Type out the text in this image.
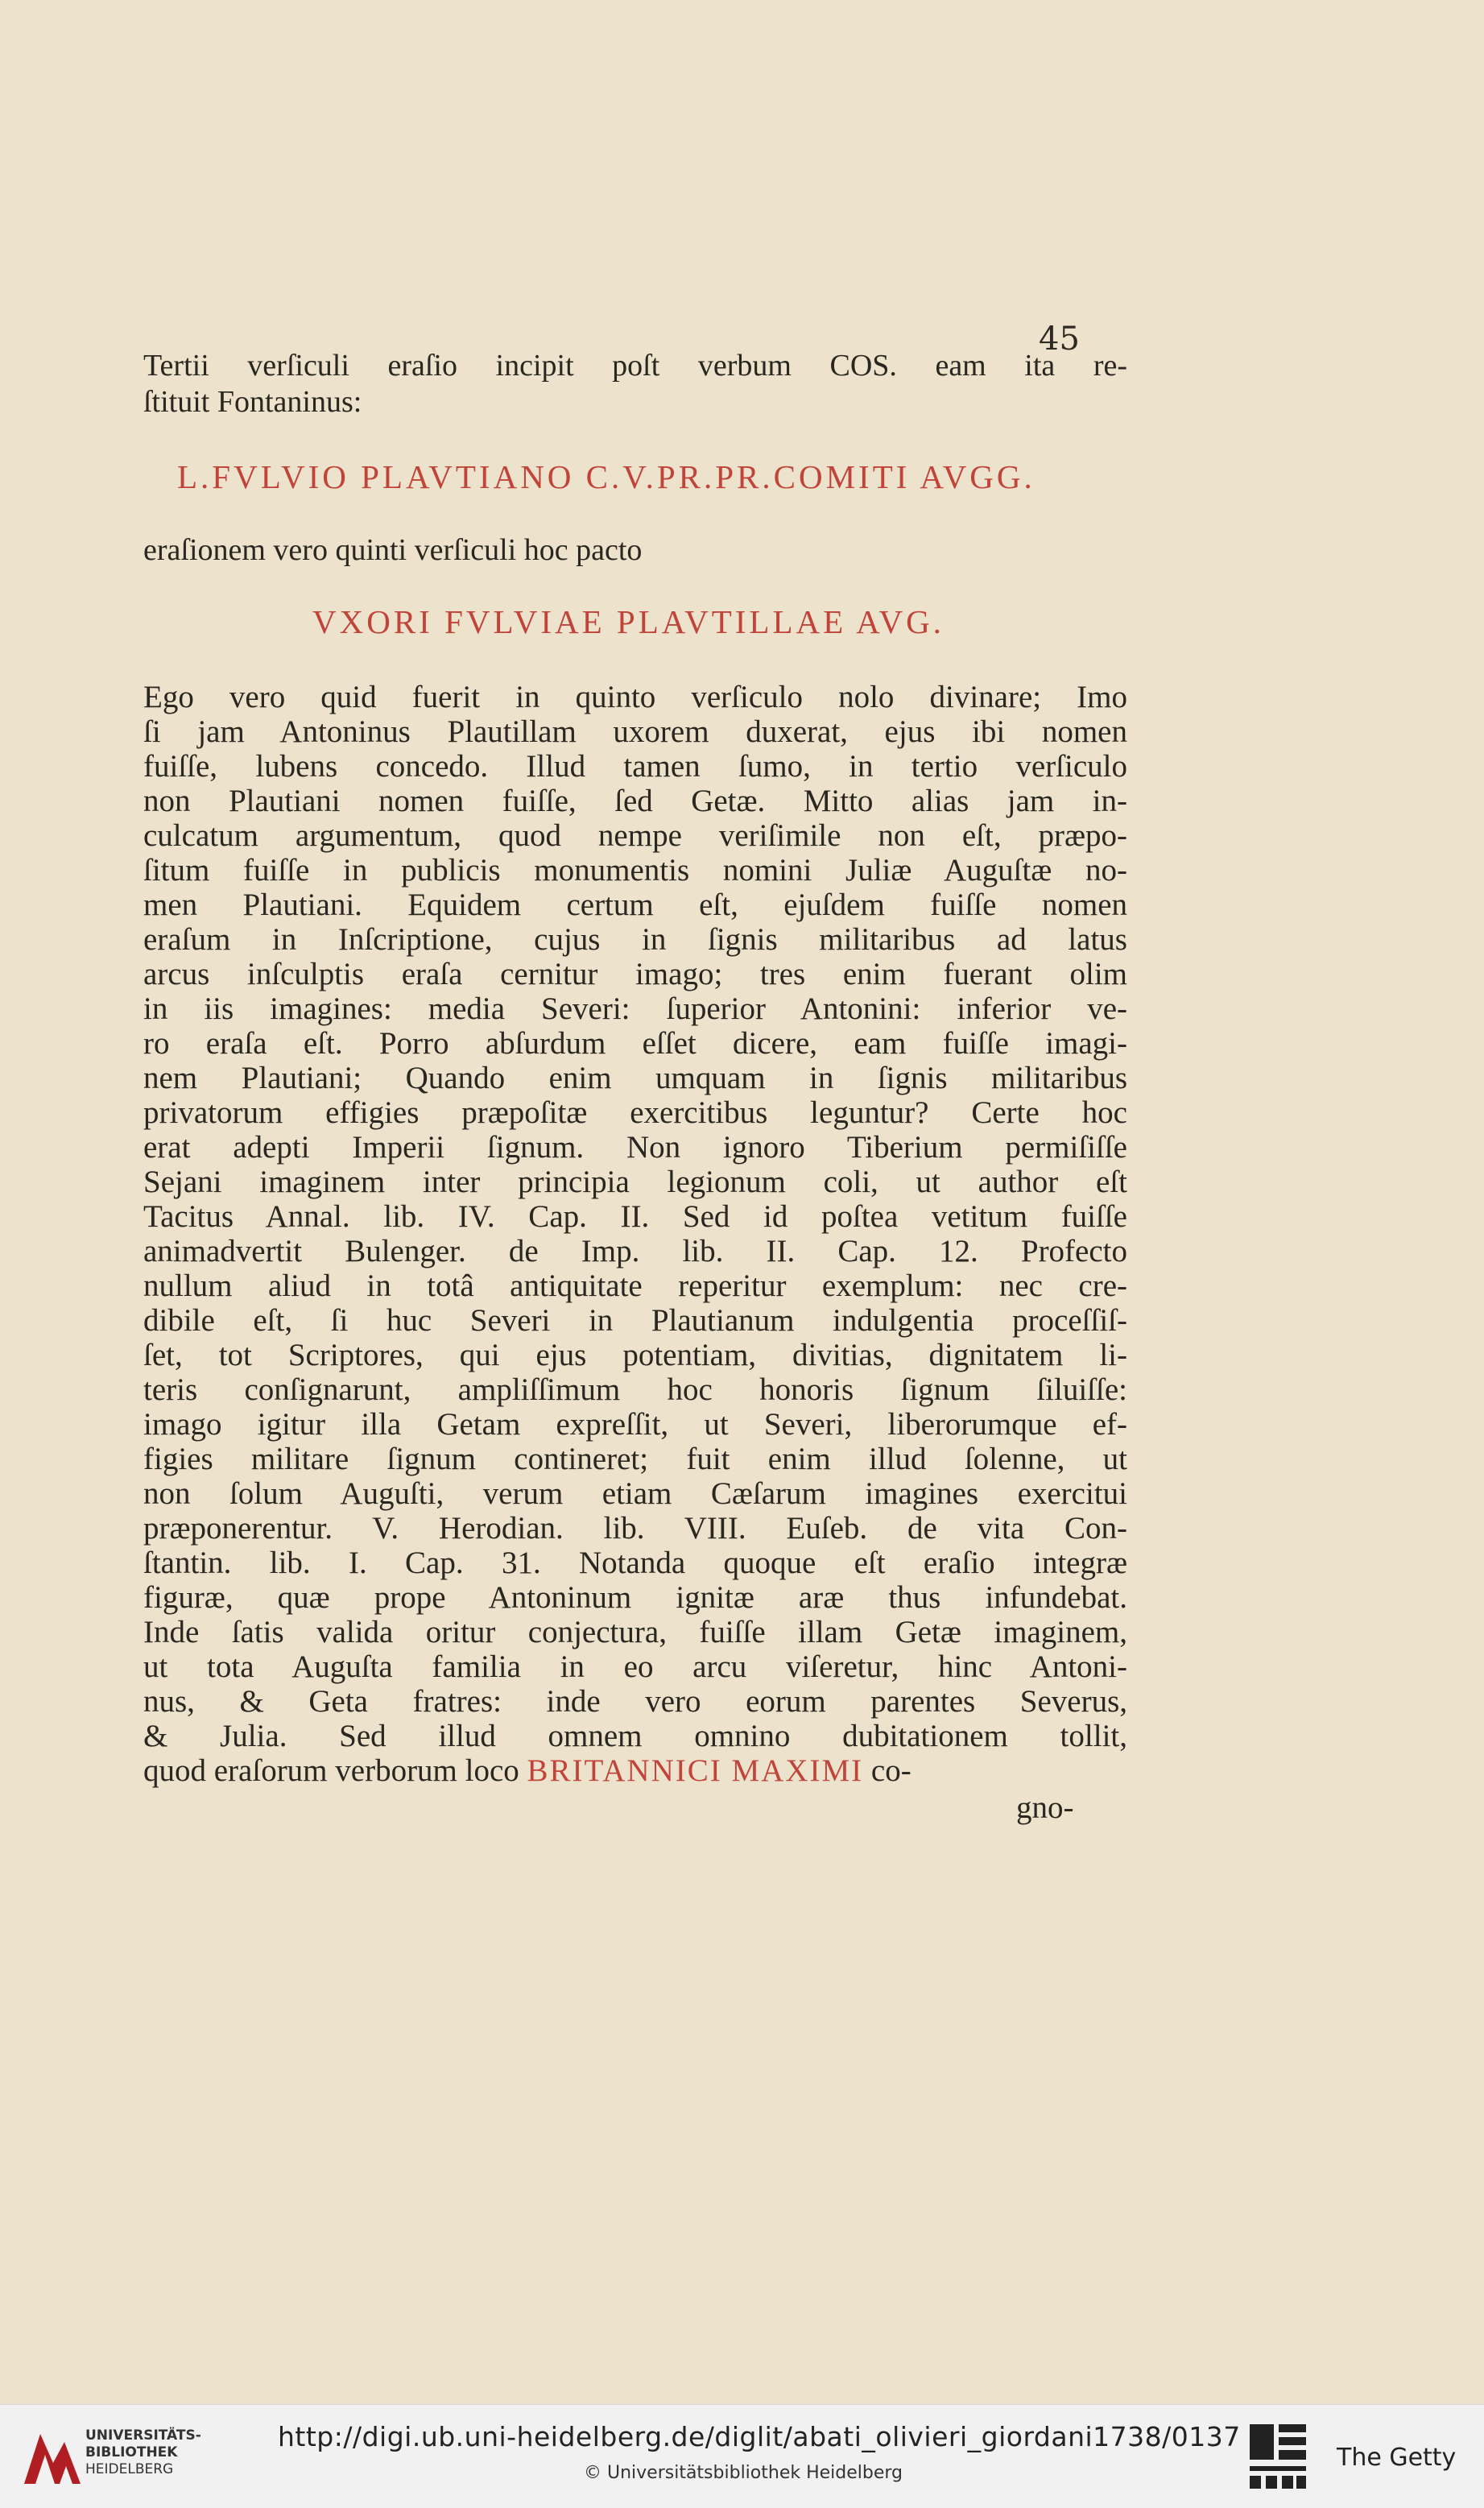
45
Tertii verſiculi eraſio incipit poſt verbum COS. eam ita re-
ſtituit Fontaninus:
L.FVLVIO PLAVTIANO C.V.PR.PR.COMITI AVGG.
eraſionem vero quinti verſiculi hoc pacto
VXORI FVLVIAE PLAVTILLAE AVG.
Ego vero quid fuerit in quinto verſiculo nolo divinare; Imo
ſi jam Antoninus Plautillam uxorem duxerat, ejus ibi nomen
fuiſſe, lubens concedo. Illud tamen ſumo, in tertio verſiculo
non Plautiani nomen fuiſſe, ſed Getæ. Mitto alias jam in-
culcatum argumentum, quod nempe veriſimile non eſt, præpo-
ſitum fuiſſe in publicis monumentis nomini Juliæ Auguſtæ no-
men Plautiani. Equidem certum eſt, ejuſdem fuiſſe nomen
eraſum in Inſcriptione, cujus in ſignis militaribus ad latus
arcus inſculptis eraſa cernitur imago; tres enim fuerant olim
in iis imagines: media Severi: ſuperior Antonini: inferior ve-
ro eraſa eſt. Porro abſurdum eſſet dicere, eam fuiſſe imagi-
nem Plautiani; Quando enim umquam in ſignis militaribus
privatorum effigies præpoſitæ exercitibus leguntur? Certe hoc
erat adepti Imperii ſignum. Non ignoro Tiberium permiſiſſe
Sejani imaginem inter principia legionum coli, ut author eſt
Tacitus Annal. lib. IV. Cap. II. Sed id poſtea vetitum fuiſſe
animadvertit Bulenger. de Imp. lib. II. Cap. 12. Profecto
nullum aliud in totâ antiquitate reperitur exemplum: nec cre-
dibile eſt, ſi huc Severi in Plautianum indulgentia proceſſiſ-
ſet, tot Scriptores, qui ejus potentiam, divitias, dignitatem li-
teris conſignarunt, ampliſſimum hoc honoris ſignum ſiluiſſe:
imago igitur illa Getam expreſſit, ut Severi, liberorumque ef-
figies militare ſignum contineret; fuit enim illud ſolenne, ut
non ſolum Auguſti, verum etiam Cæſarum imagines exercitui
præponerentur. V. Herodian. lib. VIII. Euſeb. de vita Con-
ſtantin. lib. I. Cap. 31. Notanda quoque eſt eraſio integræ
figuræ, quæ prope Antoninum ignitæ aræ thus infundebat.
Inde ſatis valida oritur conjectura, fuiſſe illam Getæ imaginem,
ut tota Auguſta familia in eo arcu viſeretur, hinc Antoni-
nus, & Geta fratres: inde vero eorum parentes Severus,
& Julia. Sed illud omnem omnino dubitationem tollit,
quod eraſorum verborum loco BRITANNICI MAXIMI co-
gno-
UNIVERSITÄTS-
BIBLIOTHEK
HEIDELBERG
http://digi.ub.uni-heidelberg.de/diglit/abati_olivieri_giordani1738/0137
© Universitätsbibliothek Heidelberg
The Getty
